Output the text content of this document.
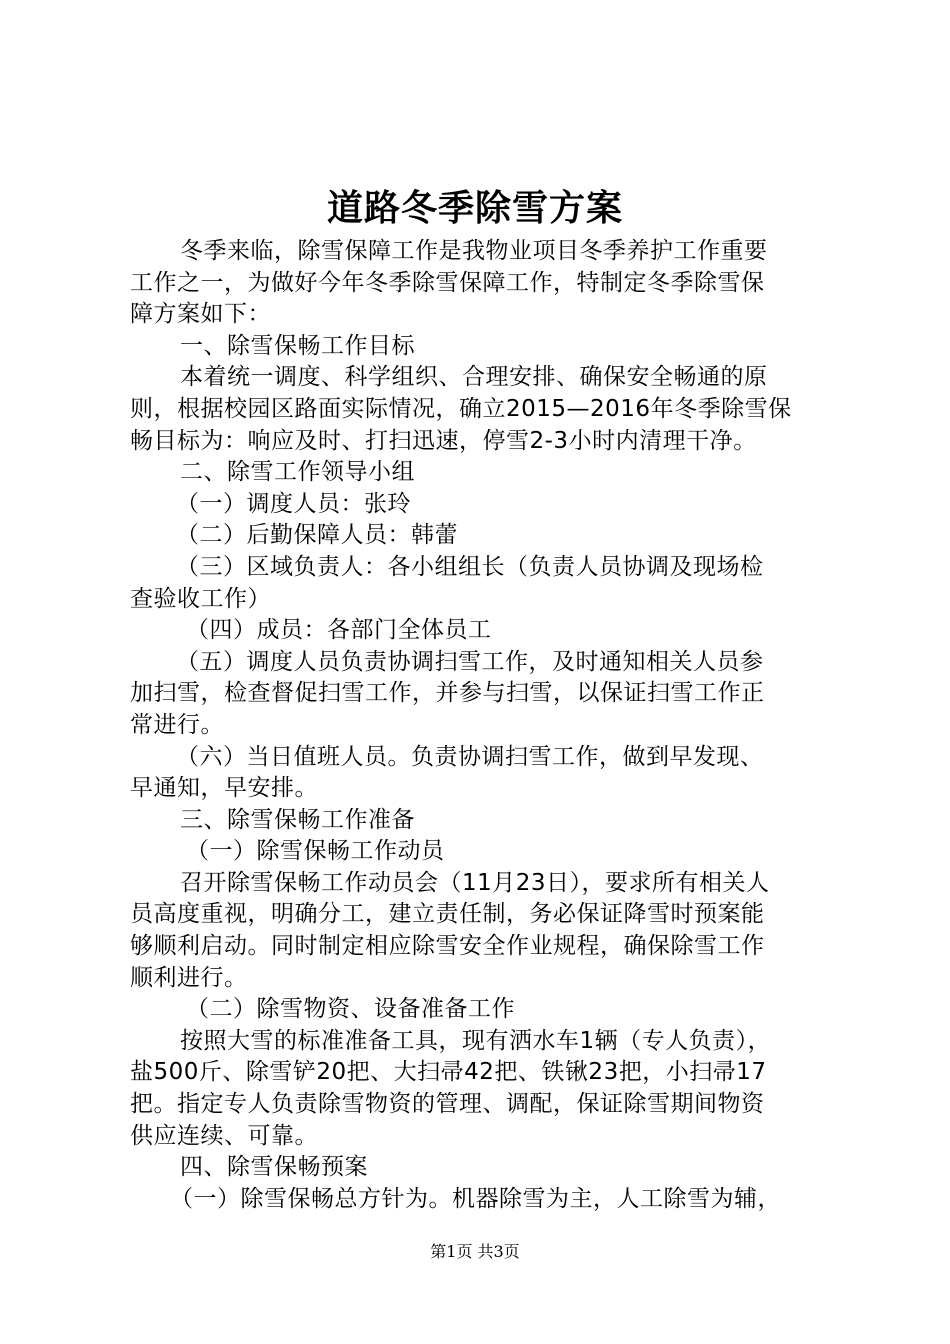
道路冬季除雪方案
冬季来临，除雪保障工作是我物业项目冬季养护工作重要
工作之一，为做好今年冬季除雪保障工作，特制定冬季除雪保
障方案如下：
一、除雪保畅工作目标
本着统一调度、科学组织、合理安排、确保安全畅通的原
则，根据校园区路面实际情况，确立2015—2016年冬季除雪保
畅目标为：响应及时、打扫迅速，停雪2-3小时内清理干净。
二、除雪工作领导小组
（一）调度人员：张玲
（二）后勤保障人员：韩蕾
（三）区域负责人：各小组组长（负责人员协调及现场检
查验收工作）
（四）成员：各部门全体员工
（五）调度人员负责协调扫雪工作，及时通知相关人员参
加扫雪，检查督促扫雪工作，并参与扫雪，以保证扫雪工作正
常进行。
（六）当日值班人员。负责协调扫雪工作，做到早发现、
早通知，早安排。
三、除雪保畅工作准备
（一）除雪保畅工作动员
召开除雪保畅工作动员会（11月23日），要求所有相关人
员高度重视，明确分工，建立责任制，务必保证降雪时预案能
够顺利启动。同时制定相应除雪安全作业规程，确保除雪工作
顺利进行。
（二）除雪物资、设备准备工作
按照大雪的标准准备工具，现有洒水车1辆（专人负责），
盐500斤、除雪铲20把、大扫帚42把、铁锹23把，小扫帚17
把。指定专人负责除雪物资的管理、调配，保证除雪期间物资
供应连续、可靠。
四、除雪保畅预案
（一）除雪保畅总方针为。机器除雪为主，人工除雪为辅，
第1页 共3页
